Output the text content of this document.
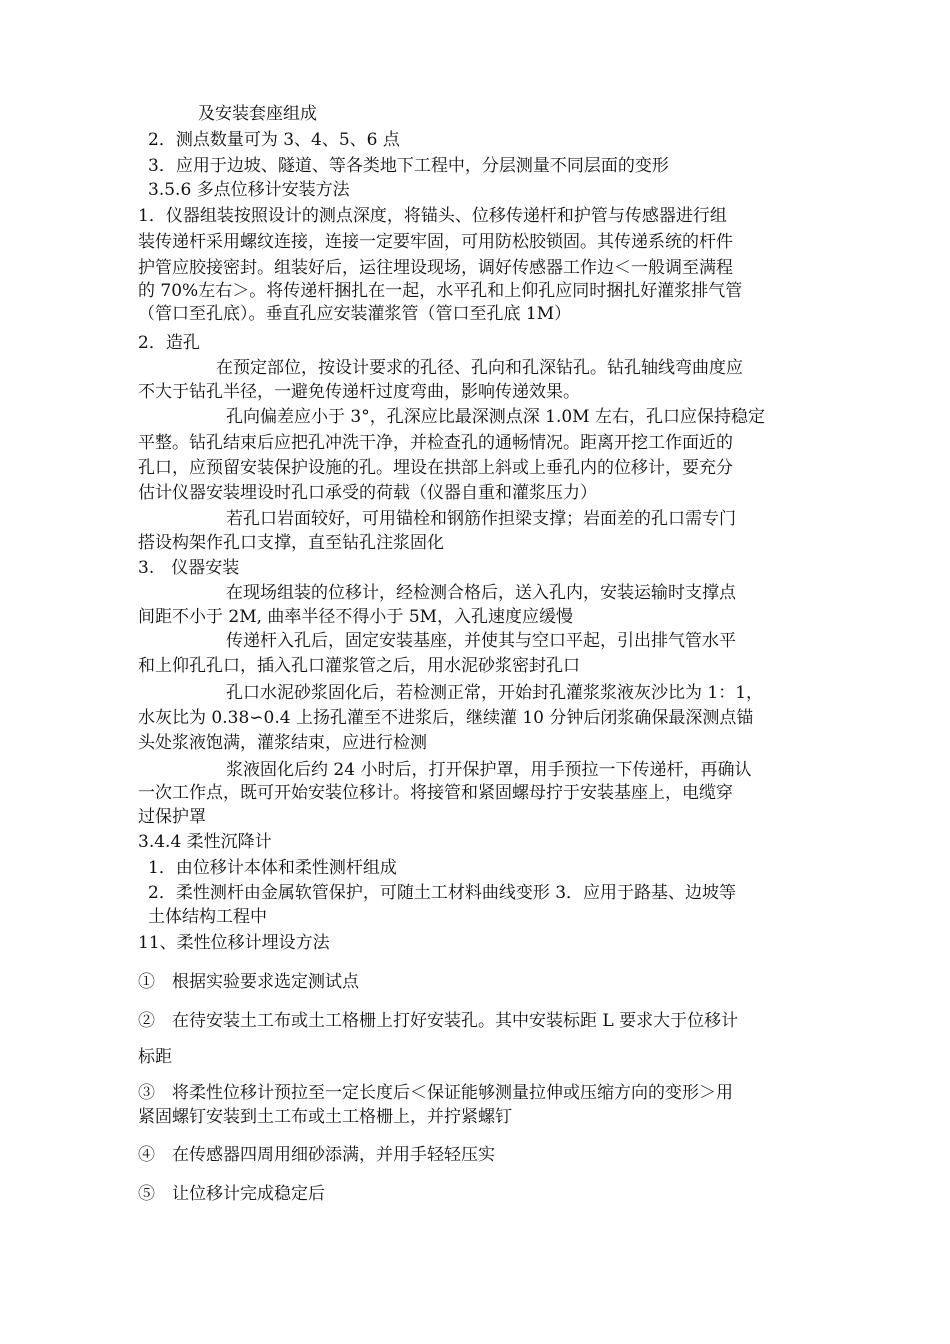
及安装套座组成
2．测点数量可为 3、4、5、6 点
3．应用于边坡、隧道、等各类地下工程中，分层测量不同层面的变形
3.5.6 多点位移计安装方法
1．仪器组装按照设计的测点深度，将锚头、位移传递杆和护管与传感器进行组
装传递杆采用螺纹连接，连接一定要牢固，可用防松胶锁固。其传递系统的杆件
护管应胶接密封。组装好后，运往埋设现场，调好传感器工作边＜一般调至满程
的 70%左右＞。将传递杆捆扎在一起，水平孔和上仰孔应同时捆扎好灌浆排气管
（管口至孔底）。垂直孔应安装灌浆管（管口至孔底 1M）
2．造孔
在预定部位，按设计要求的孔径、孔向和孔深钻孔。钻孔轴线弯曲度应
不大于钻孔半径，一避免传递杆过度弯曲，影响传递效果。
孔向偏差应小于 3°，孔深应比最深测点深 1.0M 左右，孔口应保持稳定
平整。钻孔结束后应把孔冲洗干净，并检查孔的通畅情况。距离开挖工作面近的
孔口，应预留安装保护设施的孔。埋设在拱部上斜或上垂孔内的位移计，要充分
估计仪器安装埋设时孔口承受的荷载（仪器自重和灌浆压力）
若孔口岩面较好，可用锚栓和钢筋作担梁支撑；岩面差的孔口需专门
搭设构架作孔口支撑，直至钻孔注浆固化
3.　仪器安装
在现场组装的位移计，经检测合格后，送入孔内，安装运输时支撑点
间距不小于 2M, 曲率半径不得小于 5M，入孔速度应缓慢
传递杆入孔后，固定安装基座，并使其与空口平起，引出排气管水平
和上仰孔孔口，插入孔口灌浆管之后，用水泥砂浆密封孔口
孔口水泥砂浆固化后，若检测正常，开始封孔灌浆浆液灰沙比为 1：1，
水灰比为 0.38∽0.4 上扬孔灌至不进浆后，继续灌 10 分钟后闭浆确保最深测点锚
头处浆液饱满，灌浆结束，应进行检测
浆液固化后约 24 小时后，打开保护罩，用手预拉一下传递杆，再确认
一次工作点，既可开始安装位移计。将接管和紧固螺母拧于安装基座上，电缆穿
过保护罩
3.4.4 柔性沉降计
1．由位移计本体和柔性测杆组成
2．柔性测杆由金属软管保护，可随土工材料曲线变形 3．应用于路基、边坡等
土体结构工程中
11、柔性位移计埋设方法
①　根据实验要求选定测试点
②　在待安装土工布或土工格栅上打好安装孔。其中安装标距 L 要求大于位移计
标距
③　将柔性位移计预拉至一定长度后＜保证能够测量拉伸或压缩方向的变形＞用
紧固螺钉安装到土工布或土工格栅上，并拧紧螺钉
④　在传感器四周用细砂添满，并用手轻轻压实
⑤　让位移计完成稳定后
